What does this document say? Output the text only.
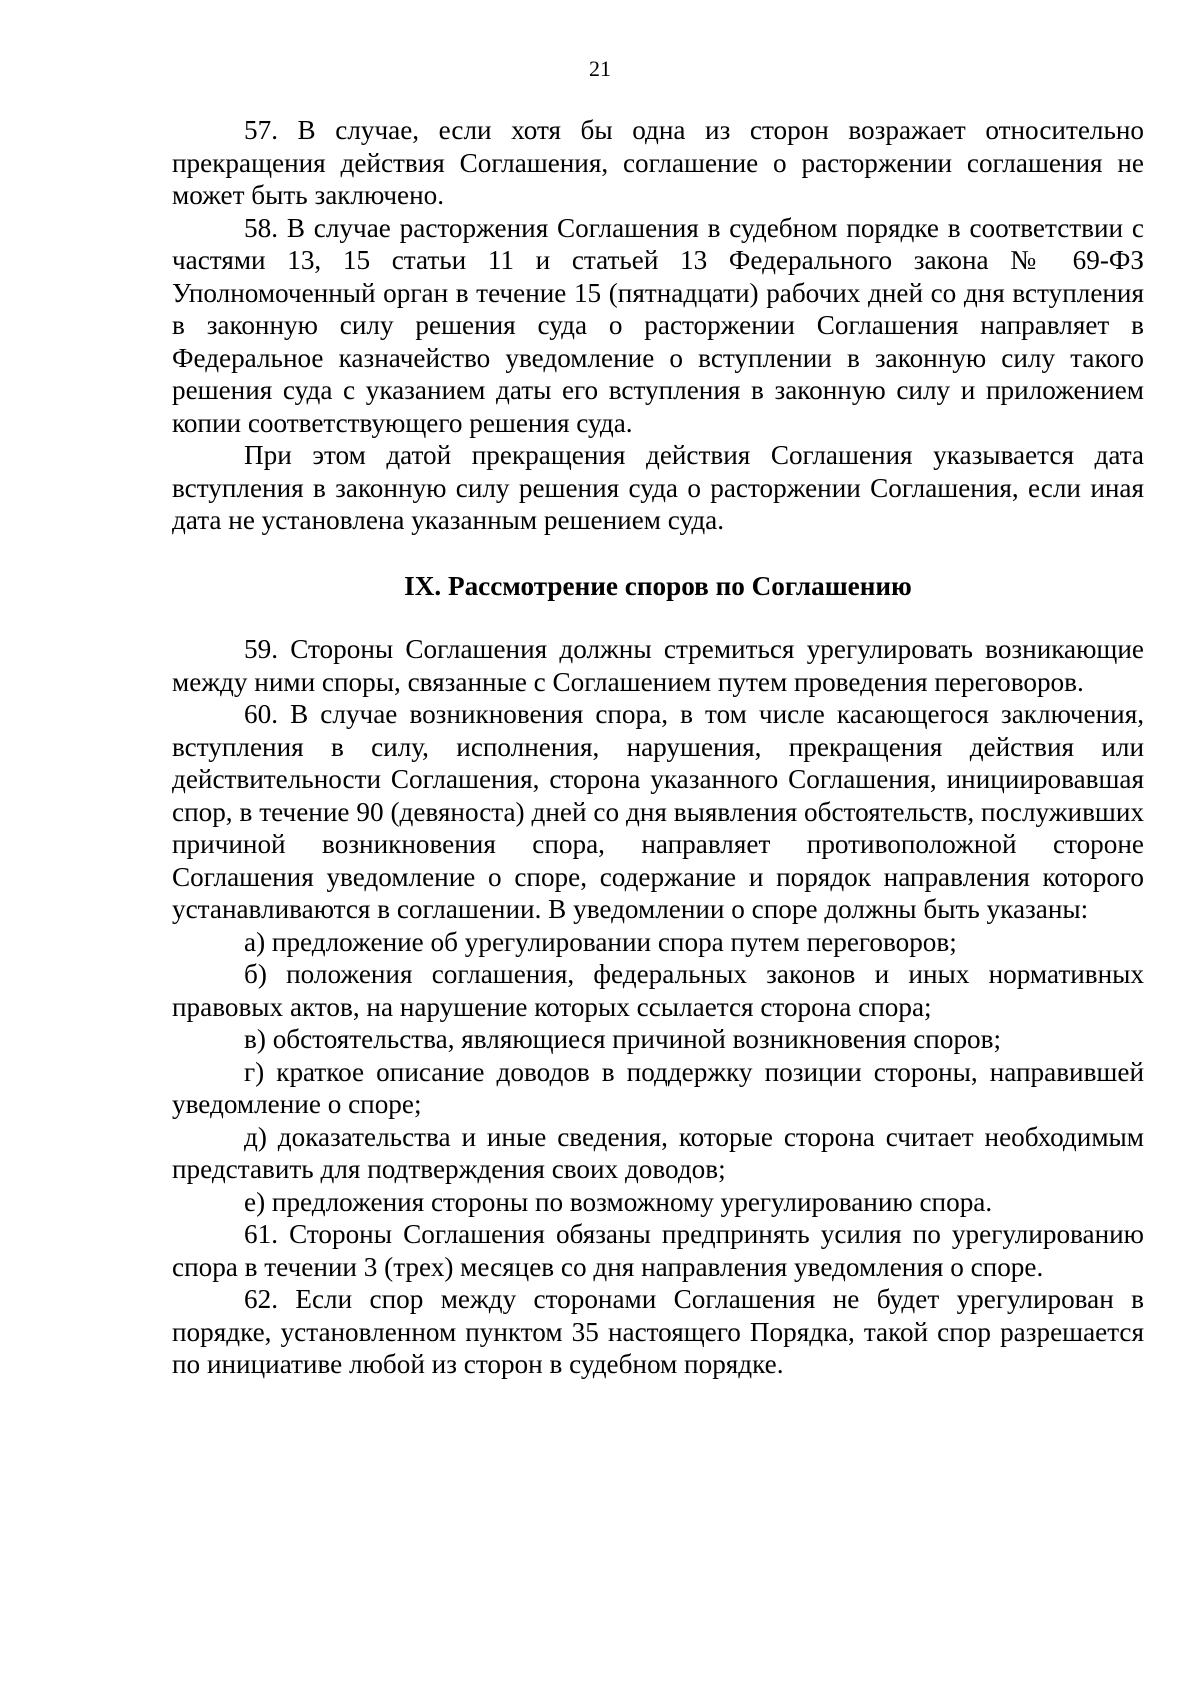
21

57. В случае, если хотя бы одна из сторон возражает относительно прекращения действия Соглашения, соглашение о расторжении соглашения не может быть заключено.

58. В случае расторжения Соглашения в судебном порядке в соответствии с частями 13, 15 статьи 11 и статьей 13 Федерального закона № 69-ФЗ Уполномоченный орган в течение 15 (пятнадцати) рабочих дней со дня вступления в законную силу решения суда о расторжении Соглашения направляет в Федеральное казначейство уведомление о вступлении в законную силу такого решения суда с указанием даты его вступления в законную силу и приложением копии соответствующего решения суда.

При этом датой прекращения действия Соглашения указывается дата вступления в законную силу решения суда о расторжении Соглашения, если иная дата не установлена указанным решением суда.

IX. Рассмотрение споров по Соглашению

59. Стороны Соглашения должны стремиться урегулировать возникающие между ними споры, связанные с Соглашением путем проведения переговоров.

60. В случае возникновения спора, в том числе касающегося заключения, вступления в силу, исполнения, нарушения, прекращения действия или действительности Соглашения, сторона указанного Соглашения, инициировавшая спор, в течение 90 (девяноста) дней со дня выявления обстоятельств, послуживших причиной возникновения спора, направляет противоположной стороне Соглашения уведомление о споре, содержание и порядок направления которого устанавливаются в соглашении. В уведомлении о споре должны быть указаны:

а) предложение об урегулировании спора путем переговоров;

б) положения соглашения, федеральных законов и иных нормативных правовых актов, на нарушение которых ссылается сторона спора;

в) обстоятельства, являющиеся причиной возникновения споров;

г) краткое описание доводов в поддержку позиции стороны, направившей уведомление о споре;

д) доказательства и иные сведения, которые сторона считает необходимым представить для подтверждения своих доводов;

е) предложения стороны по возможному урегулированию спора.

61. Стороны Соглашения обязаны предпринять усилия по урегулированию спора в течении 3 (трех) месяцев со дня направления уведомления о споре.

62. Если спор между сторонами Соглашения не будет урегулирован в порядке, установленном пунктом 35 настоящего Порядка, такой спор разрешается по инициативе любой из сторон в судебном порядке.
